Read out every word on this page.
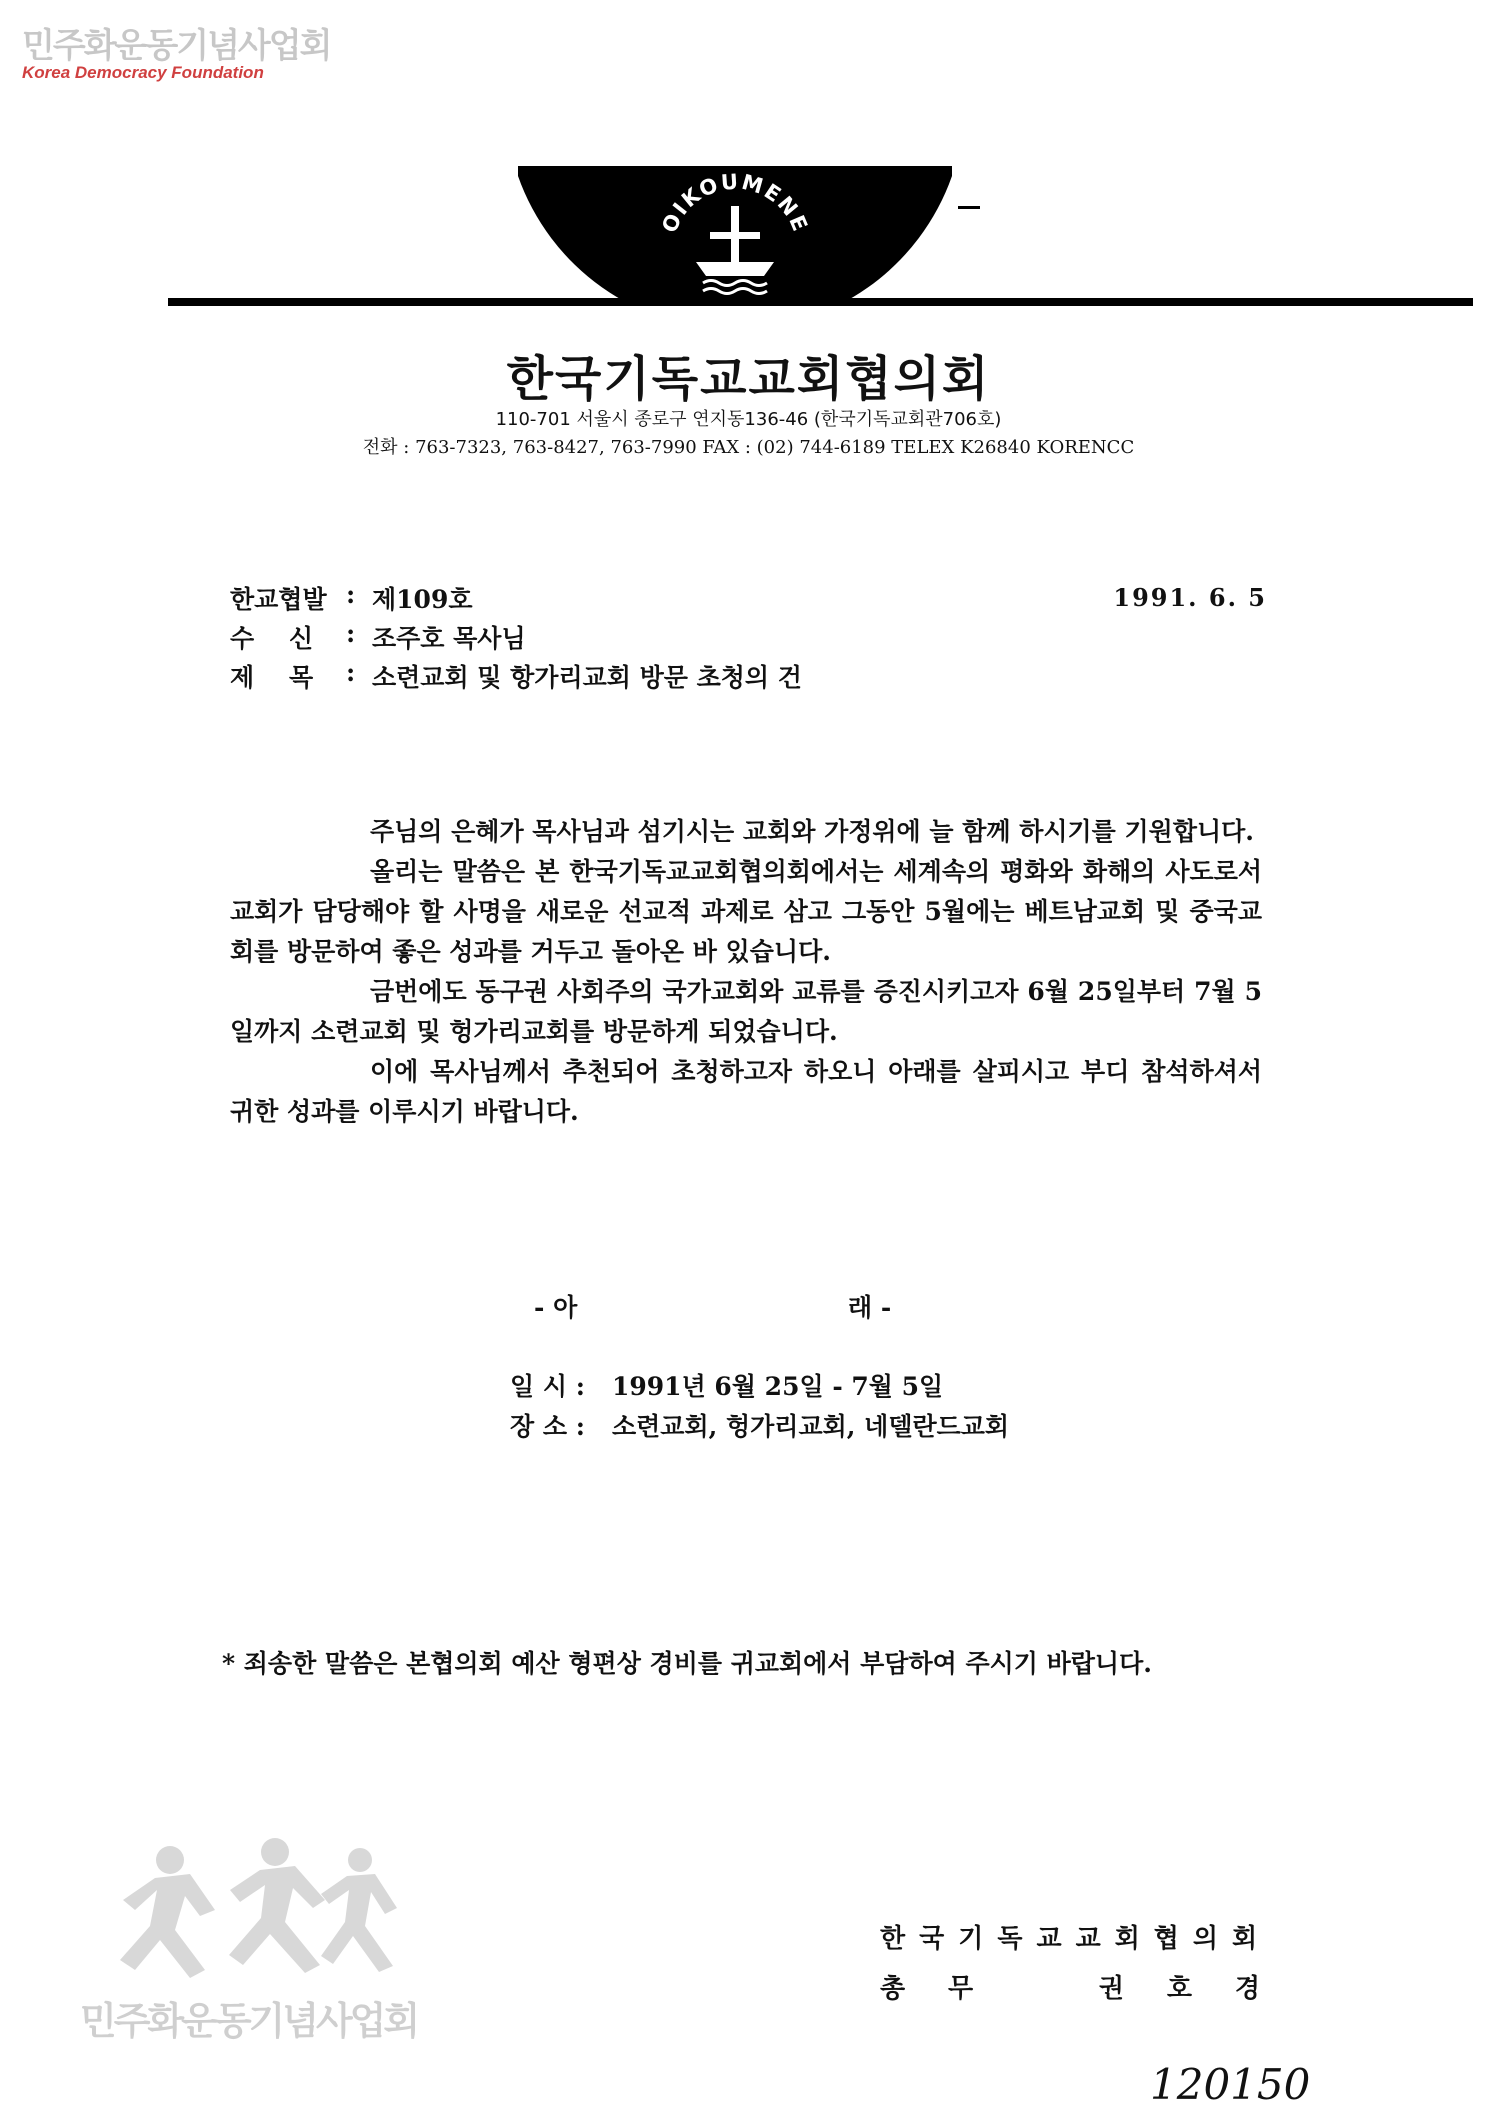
민주화운동기념사업회
Korea Democracy Foundation
OIKOUMENE
한국기독교교회협의회
110-701 서울시 종로구 연지동136-46 (한국기독교회관706호)
전화 : 763-7323, 763-8427, 763-7990 FAX : (02) 744-6189 TELEX K26840 KORENCC
한교협발 : 제109호	1991. 6. 5
수    신 : 조주호 목사님
제    목 : 소련교회 및 항가리교회 방문 초청의 건

주님의 은혜가 목사님과 섬기시는 교회와 가정위에 늘 함께 하시기를 기원합니다.

올리는 말씀은 본 한국기독교교회협의회에서는 세계속의 평화와 화해의 사도로서 교회가 담당해야 할 사명을 새로운 선교적 과제로 삼고 그동안 5월에는 베트남교회 및 중국교회를 방문하여 좋은 성과를 거두고 돌아온 바 있습니다.

금번에도 동구권 사회주의 국가교회와 교류를 증진시키고자 6월 25일부터 7월 5일까지 소련교회 및 헝가리교회를 방문하게 되었습니다.

이에 목사님께서 추천되어 초청하고자 하오니 아래를 살피시고 부디 참석하셔서 귀한 성과를 이루시기 바랍니다.

- 아	래 -
일 시 : 1991년 6월 25일 - 7월 5일
장 소 : 소련교회, 헝가리교회, 네델란드교회
* 죄송한 말씀은 본협의회 예산 형편상 경비를 귀교회에서 부담하여 주시기 바랍니다.
한국기독교교회협의회
총 무	권 호 경
민주화운동기념사업회
120150
